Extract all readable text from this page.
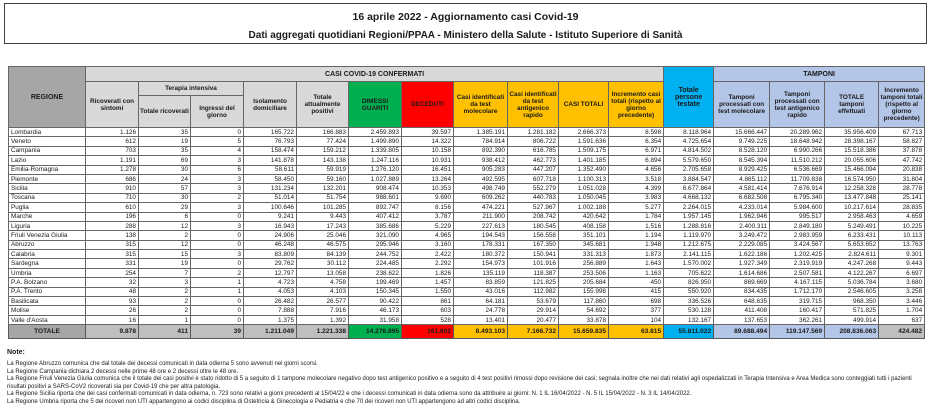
16 aprile 2022 - Aggiornamento casi Covid-19
Dati aggregati quotidiani Regioni/PPAA - Ministero della Salute - Istituto Superiore di Sanità
REGIONE	CASI COVID-19 CONFERMATI											Totale persone testate	TAMPONI			
	Ricoverati con sintomi	Terapia intensiva		Isolamento domiciliare	Totale attualmente positivi	DIMESSI GUARITI	DECEDUTI	Casi identificati da test molecolare	Casi identificati da test antigenico rapido	CASI TOTALI	Incremento casi totali (rispetto al giorno precedente)		Tamponi processati con test molecolare	Tamponi processati con test antigenico rapido	TOTALE tamponi effettuati	Incremento tamponi totali (rispetto al giorno precedente)
		Totale ricoverati	Ingressi del giorno													
Lombardia	1.126	35	0	165.722	166.883	2.459.893	39.597	1.385.191	1.281.182	2.666.373	8.598	8.118.964	15.666.447	20.289.962	35.956.409	67.713
Veneto	612	19	5	76.793	77.424	1.499.890	14.322	784.914	806.722	1.591.636	6.354	4.725.654	9.749.225	18.648.942	28.398.167	58.827
Campania	703	35	4	158.474	159.212	1.339.805	10.158	892.390	616.785	1.509.175	6.971	4.814.502	8.528.120	6.990.266	15.518.386	37.878
Lazio	1.191	69	3	141.878	143.138	1.247.116	10.931	938.412	462.773	1.401.185	6.894	5.579.650	8.545.394	11.510.212	20.055.606	47.742
Emilia-Romagna	1.278	30	6	58.611	59.919	1.276.120	16.451	905.283	447.207	1.352.490	4.656	2.705.658	8.929.425	6.536.669	15.466.094	20.838
Piemonte	686	24	3	58.450	59.160	1.027.889	13.264	492.595	607.718	1.100.313	3.518	3.884.547	4.865.112	11.709.838	16.574.950	31.804
Sicilia	910	57	3	131.234	132.201	908.474	10.353	498.749	552.279	1.051.028	4.399	6.677.864	4.581.414	7.676.914	12.258.328	28.778
Toscana	710	30	2	51.014	51.754	988.601	9.690	609.262	440.783	1.050.045	3.983	4.668.132	6.682.508	6.795.340	13.477.848	25.141
Puglia	610	29	3	100.646	101.285	892.747	8.156	474.221	527.967	1.002.188	5.277	2.264.015	4.233.014	5.984.600	10.217.614	28.835
Marche	196	6	0	9.241	9.443	407.412	3.787	211.900	208.742	420.642	1.784	1.957.145	1.962.946	995.517	2.958.463	4.659
Liguria	288	12	3	16.943	17.243	385.686	5.229	227.613	180.545	408.158	1.516	1.288.816	2.400.311	2.849.180	5.249.491	10.225
Friuli Venezia Giulia	138	2	0	24.906	25.046	321.090	4.965	194.543	156.558	351.101	1.194	1.119.970	3.249.472	2.983.959	6.233.431	10.113
Abruzzo	315	12	0	46.248	46.575	295.946	3.160	178.331	167.350	345.681	1.948	1.212.675	2.229.085	3.424.567	5.653.652	13.763
Calabria	315	15	3	83.809	84.139	244.752	2.422	180.372	150.941	331.313	1.873	2.141.115	1.622.186	1.202.425	2.824.611	9.301
Sardegna	331	19	0	29.762	30.112	224.485	2.292	154.973	101.916	256.889	1.643	1.570.002	1.927.349	2.319.919	4.247.268	9.443
Umbria	254	7	2	12.797	13.058	238.622	1.826	135.119	118.387	253.506	1.163	705.622	1.614.686	2.507.581	4.122.267	6.697
P.A. Bolzano	32	3	1	4.723	4.758	199.469	1.457	83.859	121.825	205.684	450	826.950	869.669	4.167.115	5.036.784	3.680
P.A. Trento	48	2	1	4.053	4.103	150.345	1.550	43.016	112.982	155.998	415	550.920	834.435	1.712.170	2.546.605	3.258
Basilicata	93	2	0	26.482	26.577	90.422	861	64.181	53.679	117.860	698	336.526	648.635	319.715	968.350	3.446
Molise	26	2	0	7.888	7.916	46.173	603	24.778	29.914	54.692	377	530.128	411.408	160.417	571.825	1.704
Valle d'Aosta	16	1	0	1.375	1.392	31.958	528	13.401	20.477	33.878	104	132.167	137.653	362.261	499.914	637
TOTALE	9.878	411	39	1.211.049	1.221.338	14.276.895	161.602	8.493.103	7.166.732	15.659.835	63.815	55.811.022	89.688.494	119.147.569	208.836.063	424.482
Note:
La Regione Abruzzo comunica che dal totale dei decessi comunicati in data odierna 5 sono avvenuti nei giorni scorsi.
La Regione Campania dichiara 2 decessi nelle prime 48 ore e 2 decessi oltre le 48 ore.
La Regione Friuli Venezia Giulia comunica che il totale dei casi positivi è stato ridotto di 5 a seguito di 1 tampone molecolare negativo dopo test antigenico positivo e a seguito di 4 test positivi rimossi dopo revisione dei casi; segnala inoltre che nei dati relativi agli ospedalizzati in Terapia Intensiva e Area Medica sono conteggiati tutti i pazienti risultati positivi a SARS-CoV2 ricoverati sia per Covid-19 che per altra patologia.
La Regione Sicilia riporta che dei casi confermati comunicati in data odierna, n. 723 sono relativi a giorni precedenti al 15/04/22 e che i decessi comunicati in data odierna sono da attribuire ai giorni: N. 1 IL 16/04/2022 - N. 5 IL 15/04/2022 - N. 3 IL 14/04/2022.
La Regione Umbria riporta che 5 dei ricoveri non UTI appartengono ai codici disciplina di Ostetricia & Ginecologia e Pediatria e che 70 dei ricoveri non UTI appartengono ad altri codici disciplina.
